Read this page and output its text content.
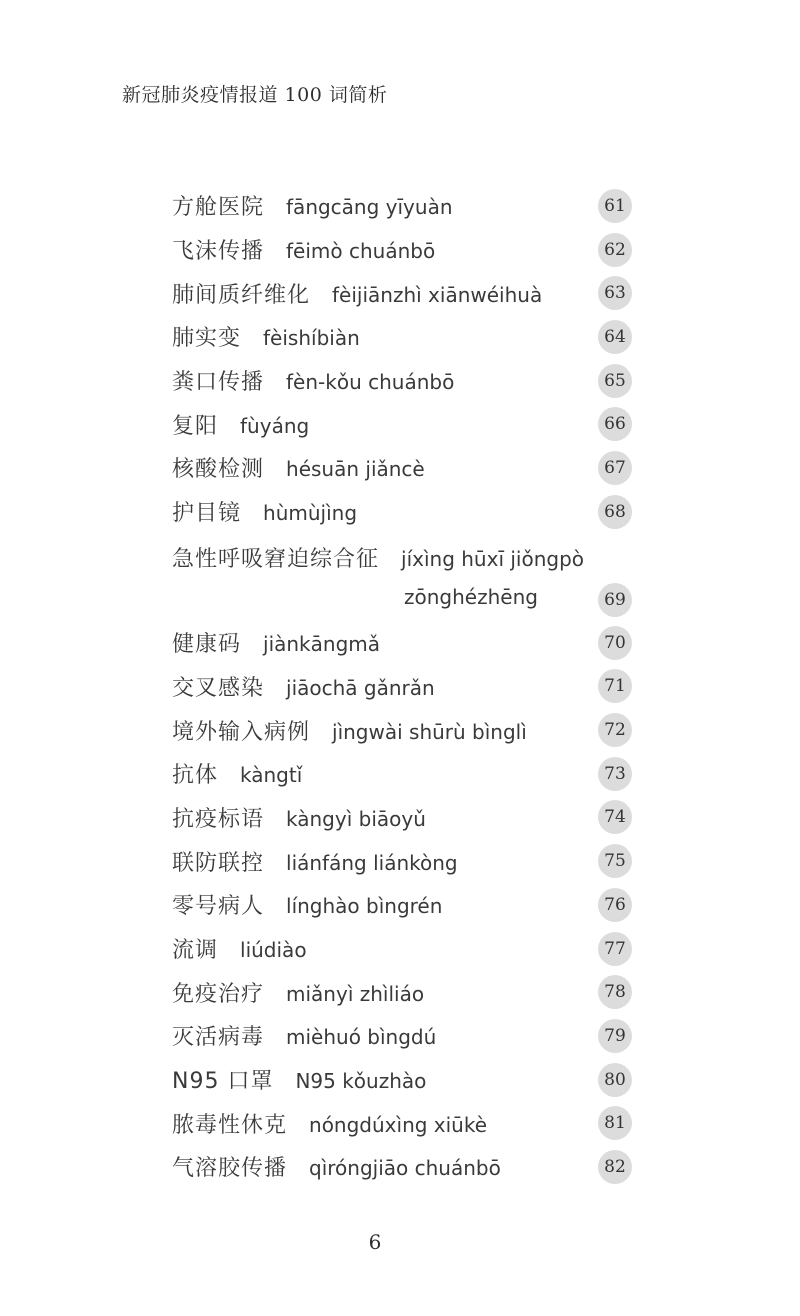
新冠肺炎疫情报道 100 词简析
方舱医院 fāngcāng yīyuàn	61
飞沫传播 fēimò chuánbō	62
肺间质纤维化 fèijiānzhì xiānwéihuà	63
肺实变 fèishíbiàn	64
粪口传播 fèn-kǒu chuánbō	65
复阳 fùyáng	66
核酸检测 hésuān jiǎncè	67
护目镜 hùmùjìng	68
急性呼吸窘迫综合征 jíxìng hūxī jiǒngpò
zōnghézhēng	69
健康码 jiànkāngmǎ	70
交叉感染 jiāochā gǎnrǎn	71
境外输入病例 jìngwài shūrù bìnglì	72
抗体 kàngtǐ	73
抗疫标语 kàngyì biāoyǔ	74
联防联控 liánfáng liánkòng	75
零号病人 línghào bìngrén	76
流调 liúdiào	77
免疫治疗 miǎnyì zhìliáo	78
灭活病毒 mièhuó bìngdú	79
N95 口罩 N95 kǒuzhào	80
脓毒性休克 nóngdúxìng xiūkè	81
气溶胶传播 qìróngjiāo chuánbō	82
6
